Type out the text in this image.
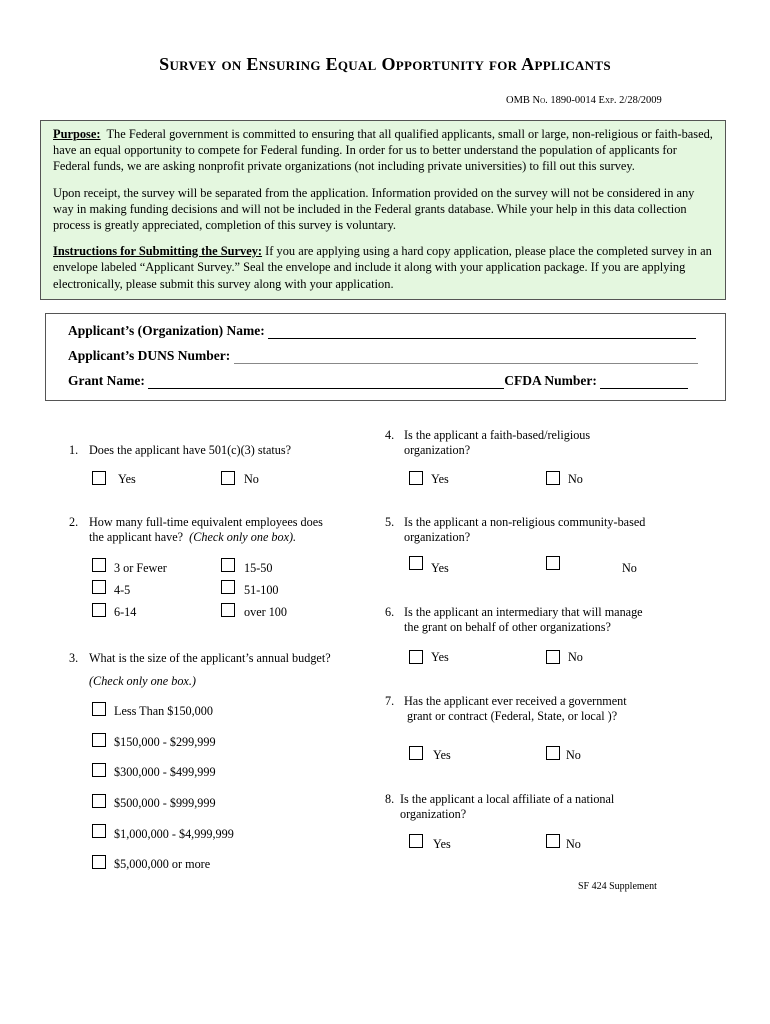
Survey on Ensuring Equal Opportunity for Applicants
OMB No. 1890-0014 Exp. 2/28/2009

Purpose: The Federal government is committed to ensuring that all qualified applicants, small or large, non-religious or faith-based, have an equal opportunity to compete for Federal funding. In order for us to better understand the population of applicants for Federal funds, we are asking nonprofit private organizations (not including private universities) to fill out this survey.

Upon receipt, the survey will be separated from the application. Information provided on the survey will not be considered in any way in making funding decisions and will not be included in the Federal grants database. While your help in this data collection process is greatly appreciated, completion of this survey is voluntary.

Instructions for Submitting the Survey: If you are applying using a hard copy application, please place the completed survey in an envelope labeled “Applicant Survey.” Seal the envelope and include it along with your application package. If you are applying electronically, please submit this survey along with your application.

Applicant’s (Organization) Name:
Applicant’s DUNS Number:
Grant Name:	CFDA Number:
1. Does the applicant have 501(c)(3) status?
Yes	No
2. How many full-time equivalent employees does
the applicant have? (Check only one box).
3 or Fewer	15-50
4-5	51-100
6-14	over 100
3. What is the size of the applicant’s annual budget?
(Check only one box.)
Less Than $150,000
$150,000 - $299,999
$300,000 - $499,999
$500,000 - $999,999
$1,000,000 - $4,999,999
$5,000,000 or more
4. Is the applicant a faith-based/religious
organization?
Yes	No
5. Is the applicant a non-religious community-based
organization?
Yes	No
6. Is the applicant an intermediary that will manage
the grant on behalf of other organizations?
Yes	No
7. Has the applicant ever received a government
grant or contract (Federal, State, or local )?
Yes	No
8. Is the applicant a local affiliate of a national
organization?
Yes	No
SF 424 Supplement
